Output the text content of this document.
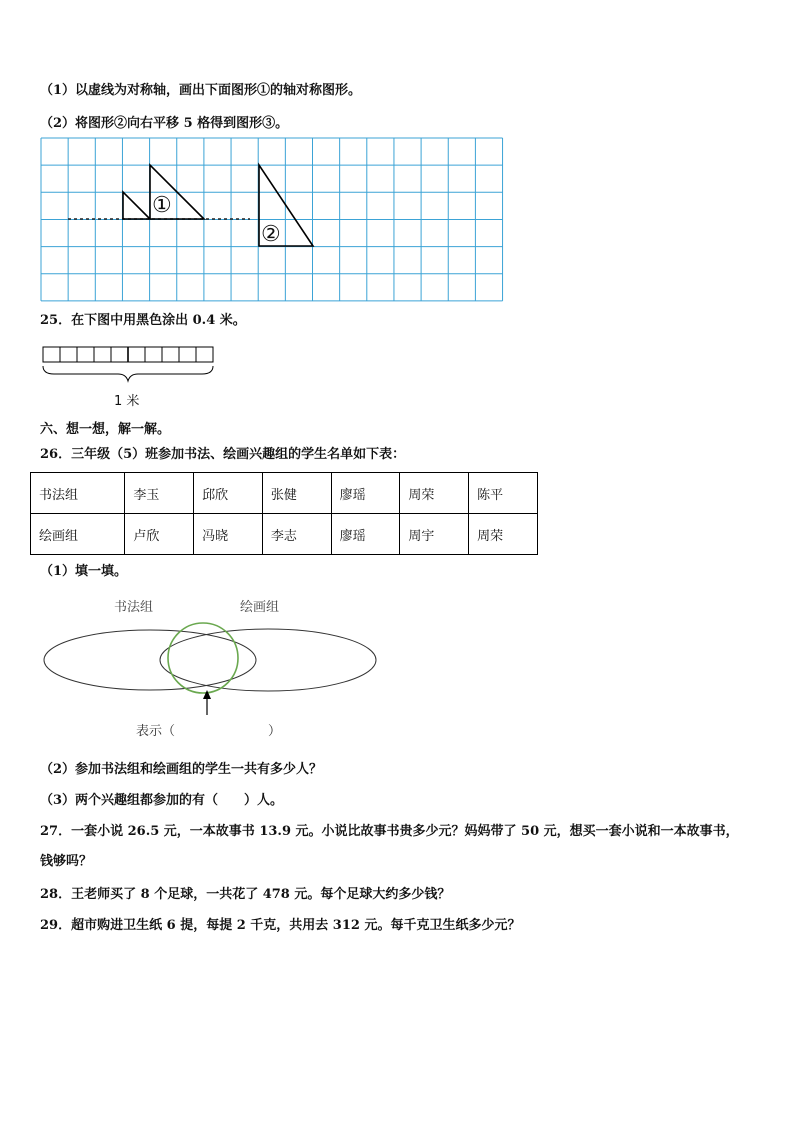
（1）以虚线为对称轴，画出下面图形①的轴对称图形。
（2）将图形②向右平移 5 格得到图形③。
①
②
25．在下图中用黑色涂出 0.4 米。
1 米
六、想一想，解一解。
26．三年级（5）班参加书法、绘画兴趣组的学生名单如下表：
书法组	李玉	邱欣	张健	廖瑶	周荣	陈平
绘画组	卢欣	冯晓	李志	廖瑶	周宇	周荣
（1）填一填。
书法组	绘画组
表示（	）
（2）参加书法组和绘画组的学生一共有多少人？
（3）两个兴趣组都参加的有（　　）人。
27．一套小说 26.5 元，一本故事书 13.9 元。小说比故事书贵多少元？妈妈带了 50 元，想买一套小说和一本故事书，
钱够吗？
28．王老师买了 8 个足球，一共花了 478 元。每个足球大约多少钱？
29．超市购进卫生纸 6 提，每提 2 千克，共用去 312 元。每千克卫生纸多少元？
